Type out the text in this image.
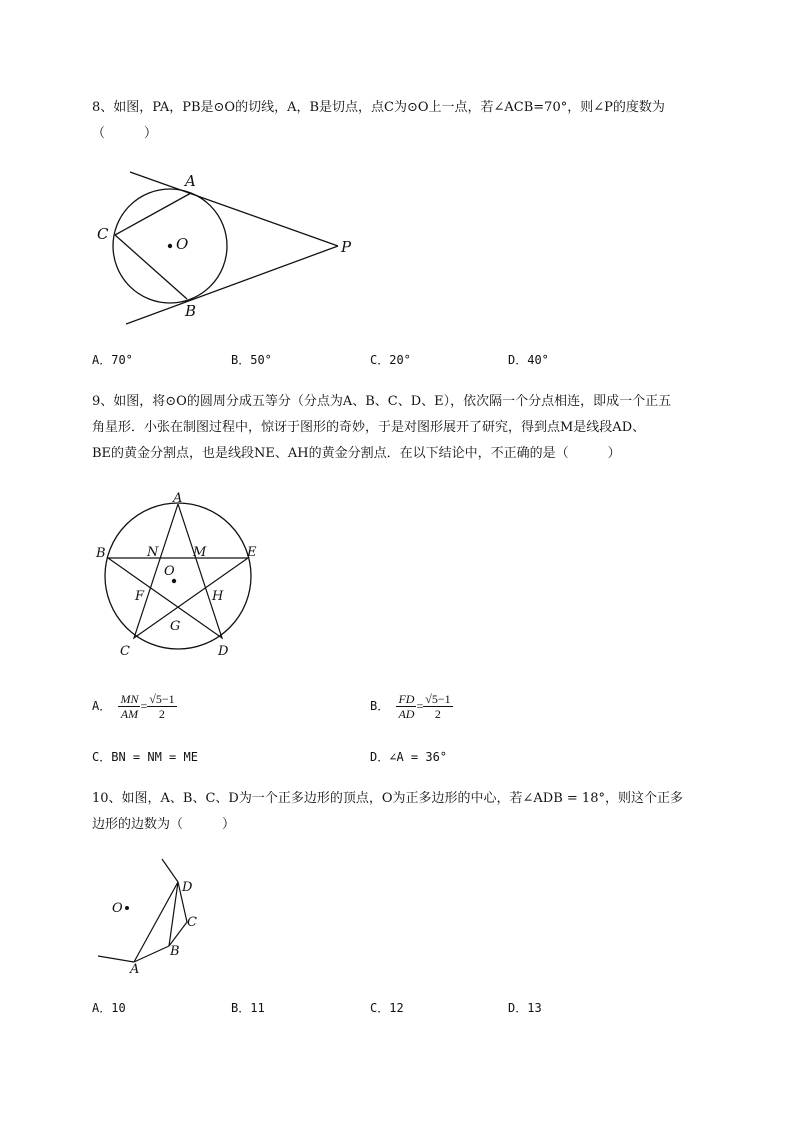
8、如图，PA，PB是⊙O的切线，A，B是切点，点C为⊙O上一点，若∠ACB=70°，则∠P的度数为
（　　　）
A
B
C
O	P
A．70°	B．50°	C．20°	D．40°
9、如图，将⊙O的圆周分成五等分（分点为A、B、C、D、E），依次隔一个分点相连，即成一个正五
角星形．小张在制图过程中，惊讶于图形的奇妙，于是对图形展开了研究，得到点M是线段AD、
BE的黄金分割点，也是线段NE、AH的黄金分割点．在以下结论中，不正确的是（　　　）
A
B	N	M	E
O
F	H
G
C	D
A． $\frac{MN}{AM} = \frac{√5-1}{2}$	B． $\frac{FD}{AD} = \frac{√5-1}{2}$
C．BN = NM = ME	D．∠A = 36°
10、如图，A、B、C、D为一个正多边形的顶点，O为正多边形的中心，若∠ADB = 18°，则这个正多
边形的边数为（　　　）
O
D
C
B
A
A．10	B．11	C．12	D．13
